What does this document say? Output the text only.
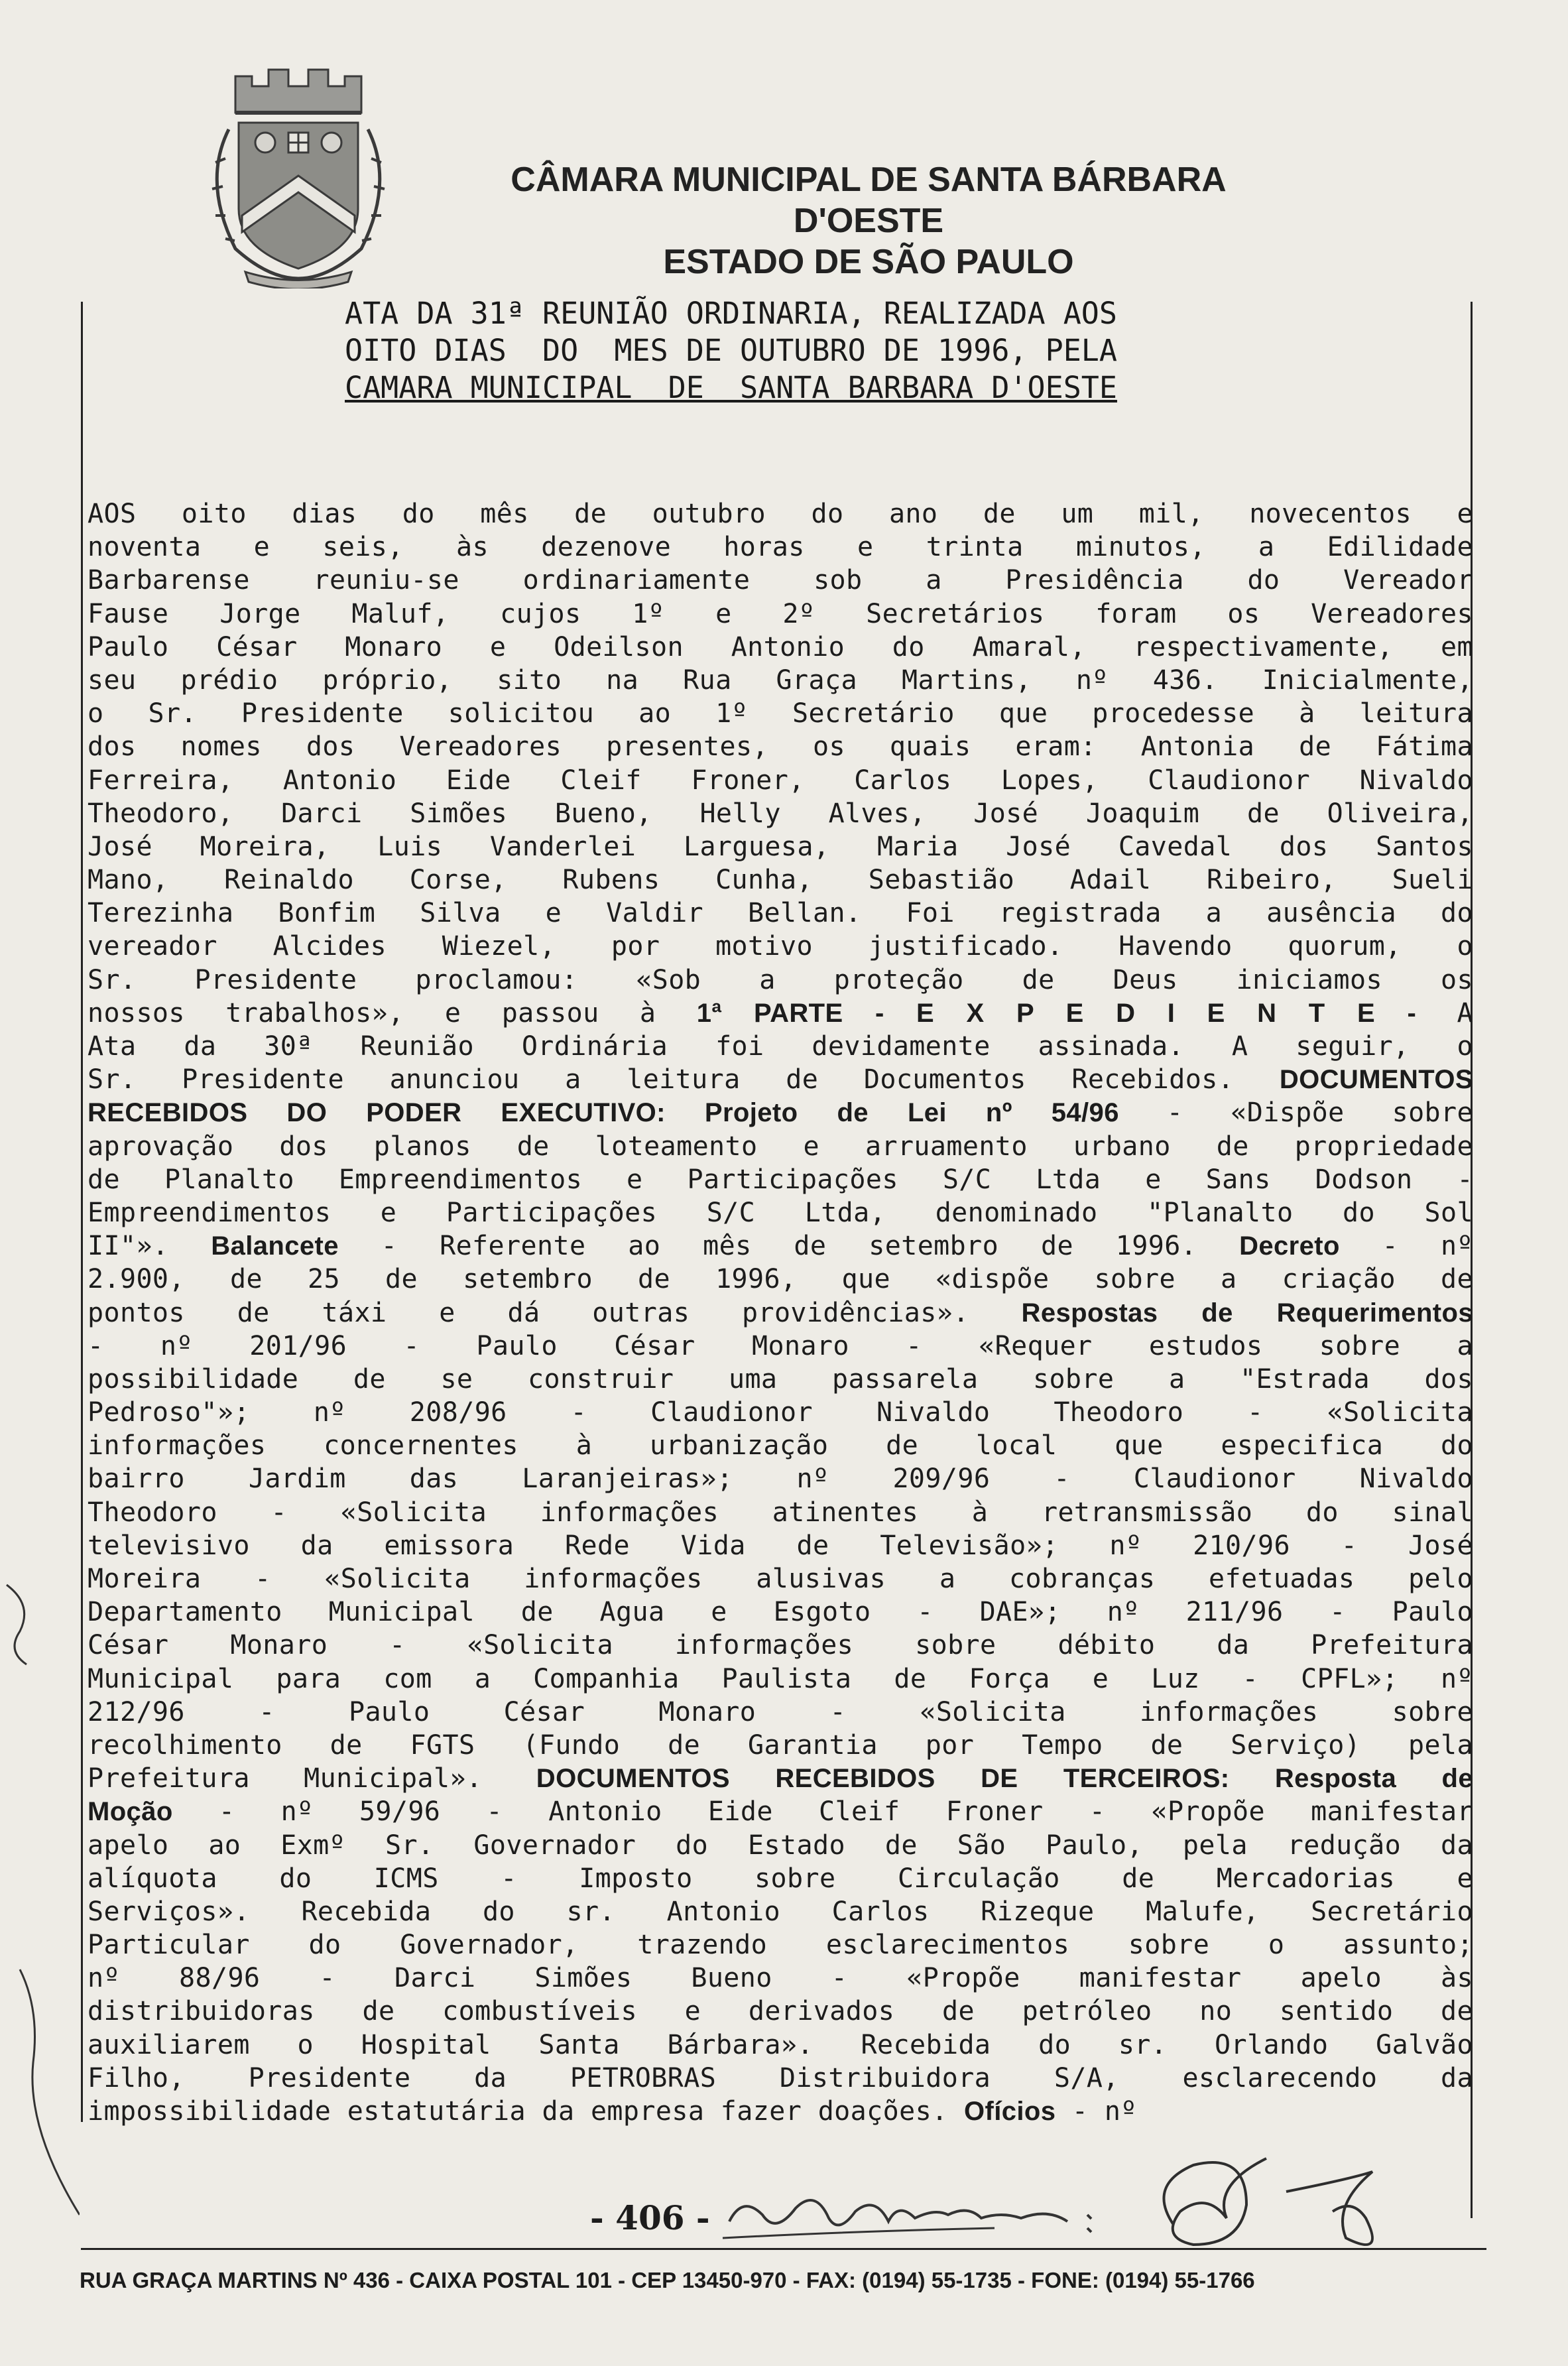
CÂMARA MUNICIPAL DE SANTA BÁRBARA D'OESTE
ESTADO DE SÃO PAULO
ATA DA 31ª REUNIÃO ORDINARIA, REALIZADA AOS
OITO DIAS  DO  MES DE OUTUBRO DE 1996, PELA
CAMARA MUNICIPAL  DE  SANTA BARBARA D'OESTE
AOS oito dias do mês de outubro do ano de um mil, novecentos e
noventa e seis, às dezenove horas e trinta minutos, a Edilidade
Barbarense reuniu-se ordinariamente sob a Presidência do Vereador
Fause Jorge Maluf, cujos 1º e 2º Secretários foram os Vereadores
Paulo César Monaro e Odeilson Antonio do Amaral, respectivamente, em
seu prédio próprio, sito na Rua Graça Martins, nº 436. Inicialmente,
o Sr. Presidente solicitou ao 1º Secretário que procedesse à leitura
dos nomes dos Vereadores presentes, os quais eram: Antonia de Fátima
Ferreira, Antonio Eide Cleif Froner, Carlos Lopes, Claudionor Nivaldo
Theodoro, Darci Simões Bueno, Helly Alves, José Joaquim de Oliveira,
José Moreira, Luis Vanderlei Larguesa, Maria José Cavedal dos Santos
Mano, Reinaldo Corse, Rubens Cunha, Sebastião Adail Ribeiro, Sueli
Terezinha Bonfim Silva e Valdir Bellan. Foi registrada a ausência do
vereador Alcides Wiezel, por motivo justificado. Havendo quorum, o
Sr. Presidente proclamou: «Sob a proteção de Deus iniciamos os
nossos trabalhos», e passou à 1ª PARTE - E X P E D I E N T E - A
Ata da 30ª Reunião Ordinária foi devidamente assinada. A seguir, o
Sr. Presidente anunciou a leitura de Documentos Recebidos. DOCUMENTOS
RECEBIDOS DO PODER EXECUTIVO: Projeto de Lei nº 54/96 - «Dispõe sobre
aprovação dos planos de loteamento e arruamento urbano de propriedade
de Planalto Empreendimentos e Participações S/C Ltda e Sans Dodson -
Empreendimentos e Participações S/C Ltda, denominado "Planalto do Sol
II"». Balancete - Referente ao mês de setembro de 1996. Decreto - nº
2.900, de 25 de setembro de 1996, que «dispõe sobre a criação de
pontos de táxi e dá outras providências». Respostas de Requerimentos
- nº 201/96 - Paulo César Monaro - «Requer estudos sobre a
possibilidade de se construir uma passarela sobre a "Estrada dos
Pedroso"»; nº 208/96 - Claudionor Nivaldo Theodoro - «Solicita
informações concernentes à urbanização de local que especifica do
bairro Jardim das Laranjeiras»; nº 209/96 - Claudionor Nivaldo
Theodoro - «Solicita informações atinentes à retransmissão do sinal
televisivo da emissora Rede Vida de Televisão»; nº 210/96 - José
Moreira - «Solicita informações alusivas a cobranças efetuadas pelo
Departamento Municipal de Agua e Esgoto - DAE»; nº 211/96 - Paulo
César Monaro - «Solicita informações sobre débito da Prefeitura
Municipal para com a Companhia Paulista de Força e Luz - CPFL»; nº
212/96 - Paulo César Monaro - «Solicita informações sobre
recolhimento de FGTS (Fundo de Garantia por Tempo de Serviço) pela
Prefeitura Municipal». DOCUMENTOS RECEBIDOS DE TERCEIROS: Resposta de
Moção - nº 59/96 - Antonio Eide Cleif Froner - «Propõe manifestar
apelo ao Exmº Sr. Governador do Estado de São Paulo, pela redução da
alíquota do ICMS - Imposto sobre Circulação de Mercadorias e
Serviços». Recebida do sr. Antonio Carlos Rizeque Malufe, Secretário
Particular do Governador, trazendo esclarecimentos sobre o assunto;
nº 88/96 - Darci Simões Bueno - «Propõe manifestar apelo às
distribuidoras de combustíveis e derivados de petróleo no sentido de
auxiliarem o Hospital Santa Bárbara». Recebida do sr. Orlando Galvão
Filho, Presidente da PETROBRAS Distribuidora S/A, esclarecendo da
impossibilidade estatutária da empresa fazer doações. Ofícios - nº
- 406 -
RUA GRAÇA MARTINS Nº 436 - CAIXA POSTAL 101 - CEP 13450-970 - FAX: (0194) 55-1735 - FONE: (0194) 55-1766
